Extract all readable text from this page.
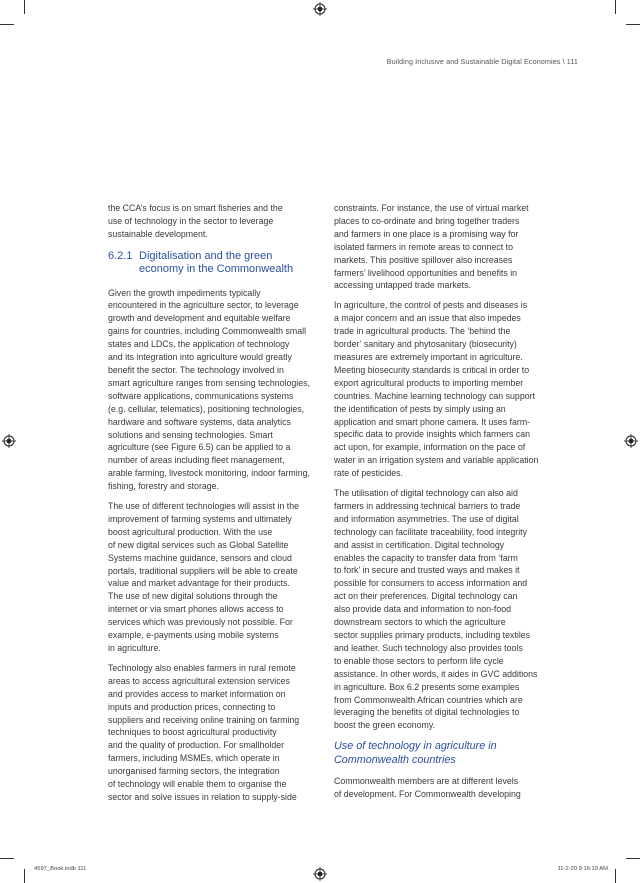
Building Inclusive and Sustainable Digital Economies \ 111

the CCA’s focus is on smart fisheries and the
use of technology in the sector to leverage
sustainable development.

6.2.1 Digitalisation and the green
economy in the Commonwealth

Given the growth impediments typically
encountered in the agriculture sector, to leverage
growth and development and equitable welfare
gains for countries, including Commonwealth small
states and LDCs, the application of technology
and its integration into agriculture would greatly
benefit the sector. The technology involved in
smart agriculture ranges from sensing technologies,
software applications, communications systems
(e.g. cellular, telematics), positioning technologies,
hardware and software systems, data analytics
solutions and sensing technologies. Smart
agriculture (see Figure 6.5) can be applied to a
number of areas including fleet management,
arable farming, livestock monitoring, indoor farming,
fishing, forestry and storage.

The use of different technologies will assist in the
improvement of farming systems and ultimately
boost agricultural production. With the use
of new digital services such as Global Satellite
Systems machine guidance, sensors and cloud
portals, traditional suppliers will be able to create
value and market advantage for their products.
The use of new digital solutions through the
internet or via smart phones allows access to
services which was previously not possible. For
example, e-payments using mobile systems
in agriculture.

Technology also enables farmers in rural remote
areas to access agricultural extension services
and provides access to market information on
inputs and production prices, connecting to
suppliers and receiving online training on farming
techniques to boost agricultural productivity
and the quality of production. For smallholder
farmers, including MSMEs, which operate in
unorganised farming sectors, the integration
of technology will enable them to organise the
sector and solve issues in relation to supply-side

constraints. For instance, the use of virtual market
places to co-ordinate and bring together traders
and farmers in one place is a promising way for
isolated farmers in remote areas to connect to
markets. This positive spillover also increases
farmers’ livelihood opportunities and benefits in
accessing untapped trade markets.

In agriculture, the control of pests and diseases is
a major concern and an issue that also impedes
trade in agricultural products. The ‘behind the
border’ sanitary and phytosanitary (biosecurity)
measures are extremely important in agriculture.
Meeting biosecurity standards is critical in order to
export agricultural products to importing member
countries. Machine learning technology can support
the identification of pests by simply using an
application and smart phone camera. It uses farm-
specific data to provide insights which farmers can
act upon, for example, information on the pace of
water in an irrigation system and variable application
rate of pesticides.

The utilisation of digital technology can also aid
farmers in addressing technical barriers to trade
and information asymmetries. The use of digital
technology can facilitate traceability, food integrity
and assist in certification. Digital technology
enables the capacity to transfer data from ‘farm
to fork’ in secure and trusted ways and makes it
possible for consumers to access information and
act on their preferences. Digital technology can
also provide data and information to non-food
downstream sectors to which the agriculture
sector supplies primary products, including textiles
and leather. Such technology also provides tools
to enable those sectors to perform life cycle
assistance. In other words, it aides in GVC additions
in agriculture. Box 6.2 presents some examples
from Commonwealth African countries which are
leveraging the benefits of digital technologies to
boost the green economy.

Use of technology in agriculture in
Commonwealth countries

Commonwealth members are at different levels
of development. For Commonwealth developing

4597_Book.indb 111	11-2-20 9:16:19 AM
